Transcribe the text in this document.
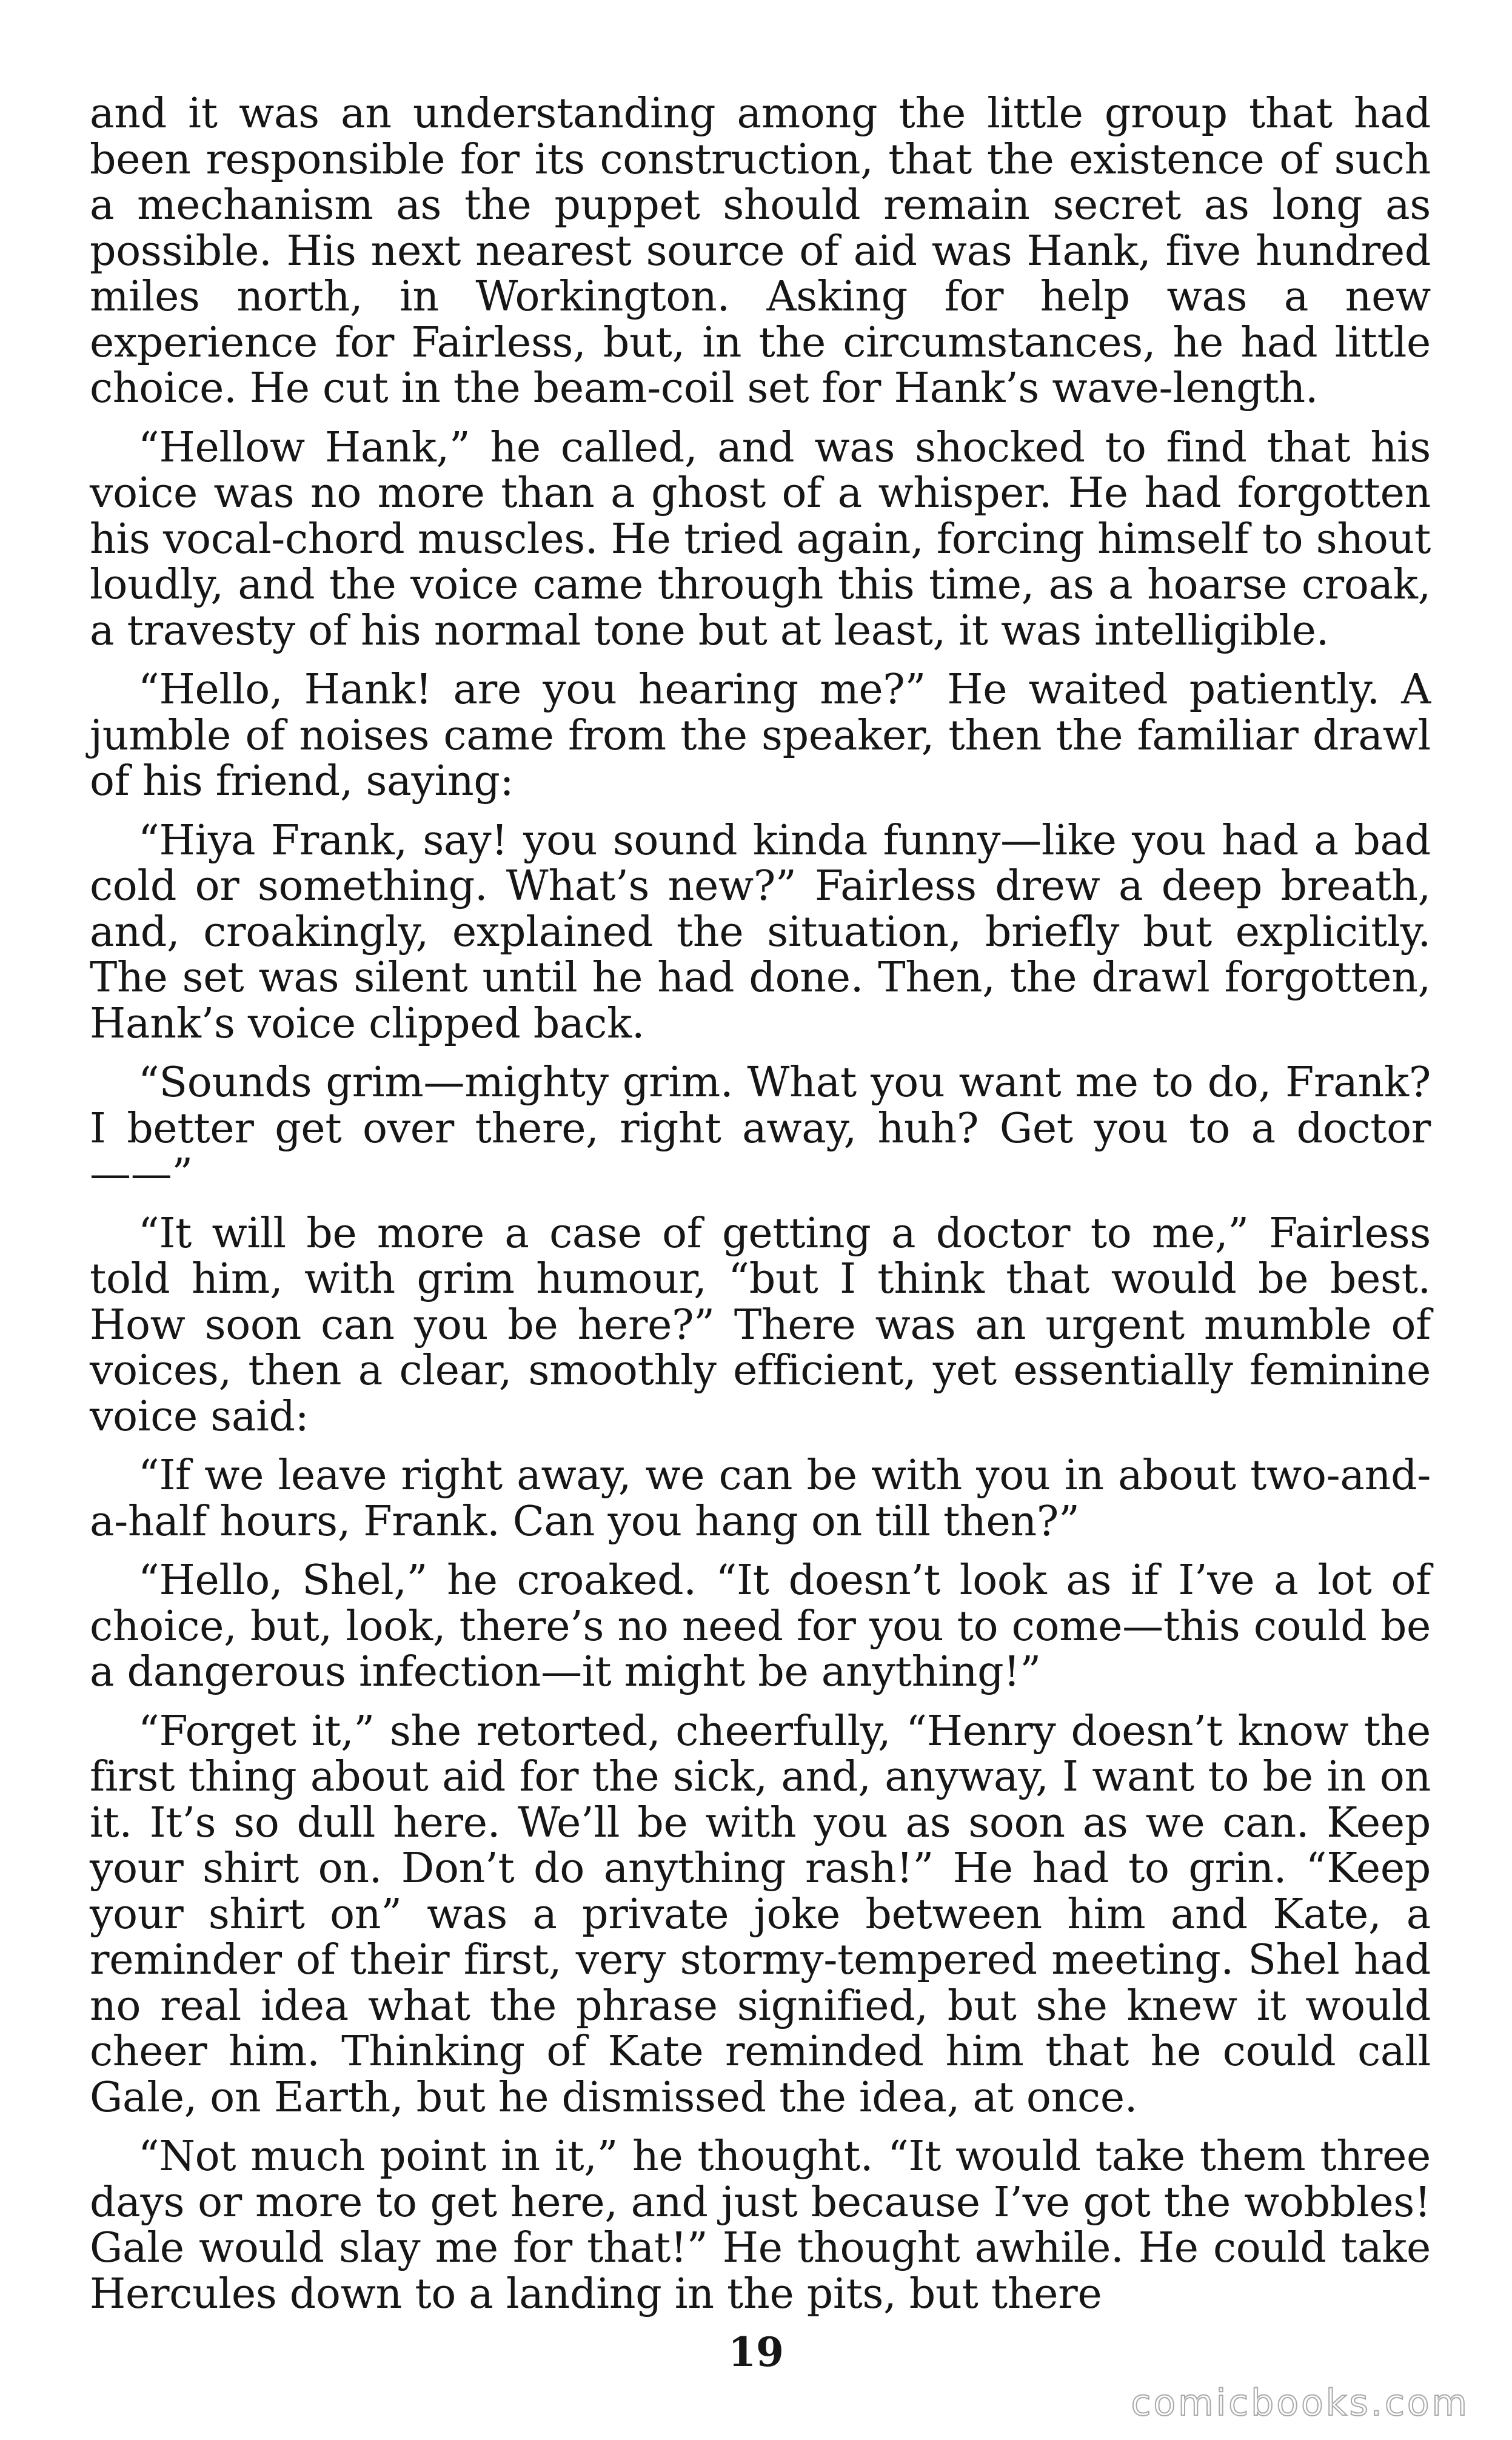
and it was an understanding among the little group that had been responsible for its construction, that the existence of such a mechanism as the puppet should remain secret as long as possible. His next nearest source of aid was Hank, five hundred miles north, in Workington. Asking for help was a new experience for Fairless, but, in the circumstances, he had little choice. He cut in the beam-coil set for Hank’s wave-length.

“Hellow Hank,” he called, and was shocked to find that his voice was no more than a ghost of a whisper. He had forgotten his vocal-chord muscles. He tried again, forcing himself to shout loudly, and the voice came through this time, as a hoarse croak, a travesty of his normal tone but at least, it was intelligible.

“Hello, Hank! are you hearing me?” He waited patiently. A jumble of noises came from the speaker, then the familiar drawl of his friend, saying:

“Hiya Frank, say! you sound kinda funny—like you had a bad cold or something. What’s new?” Fairless drew a deep breath, and, croakingly, explained the situation, briefly but explicitly. The set was silent until he had done. Then, the drawl forgotten, Hank’s voice clipped back.

“Sounds grim—mighty grim. What you want me to do, Frank? I better get over there, right away, huh? Get you to a doctor——”

“It will be more a case of getting a doctor to me,” Fairless told him, with grim humour, “but I think that would be best. How soon can you be here?” There was an urgent mumble of voices, then a clear, smoothly efficient, yet essentially feminine voice said:

“If we leave right away, we can be with you in about two-and-a-half hours, Frank. Can you hang on till then?”

“Hello, Shel,” he croaked. “It doesn’t look as if I’ve a lot of choice, but, look, there’s no need for you to come—this could be a dangerous infection—it might be anything!”

“Forget it,” she retorted, cheerfully, “Henry doesn’t know the first thing about aid for the sick, and, anyway, I want to be in on it. It’s so dull here. We’ll be with you as soon as we can. Keep your shirt on. Don’t do anything rash!” He had to grin. “Keep your shirt on” was a private joke between him and Kate, a reminder of their first, very stormy-tempered meeting. Shel had no real idea what the phrase signified, but she knew it would cheer him. Thinking of Kate reminded him that he could call Gale, on Earth, but he dismissed the idea, at once.

“Not much point in it,” he thought. “It would take them three days or more to get here, and just because I’ve got the wobbles! Gale would slay me for that!” He thought awhile. He could take Hercules down to a landing in the pits, but there

19
comicbooks.com
